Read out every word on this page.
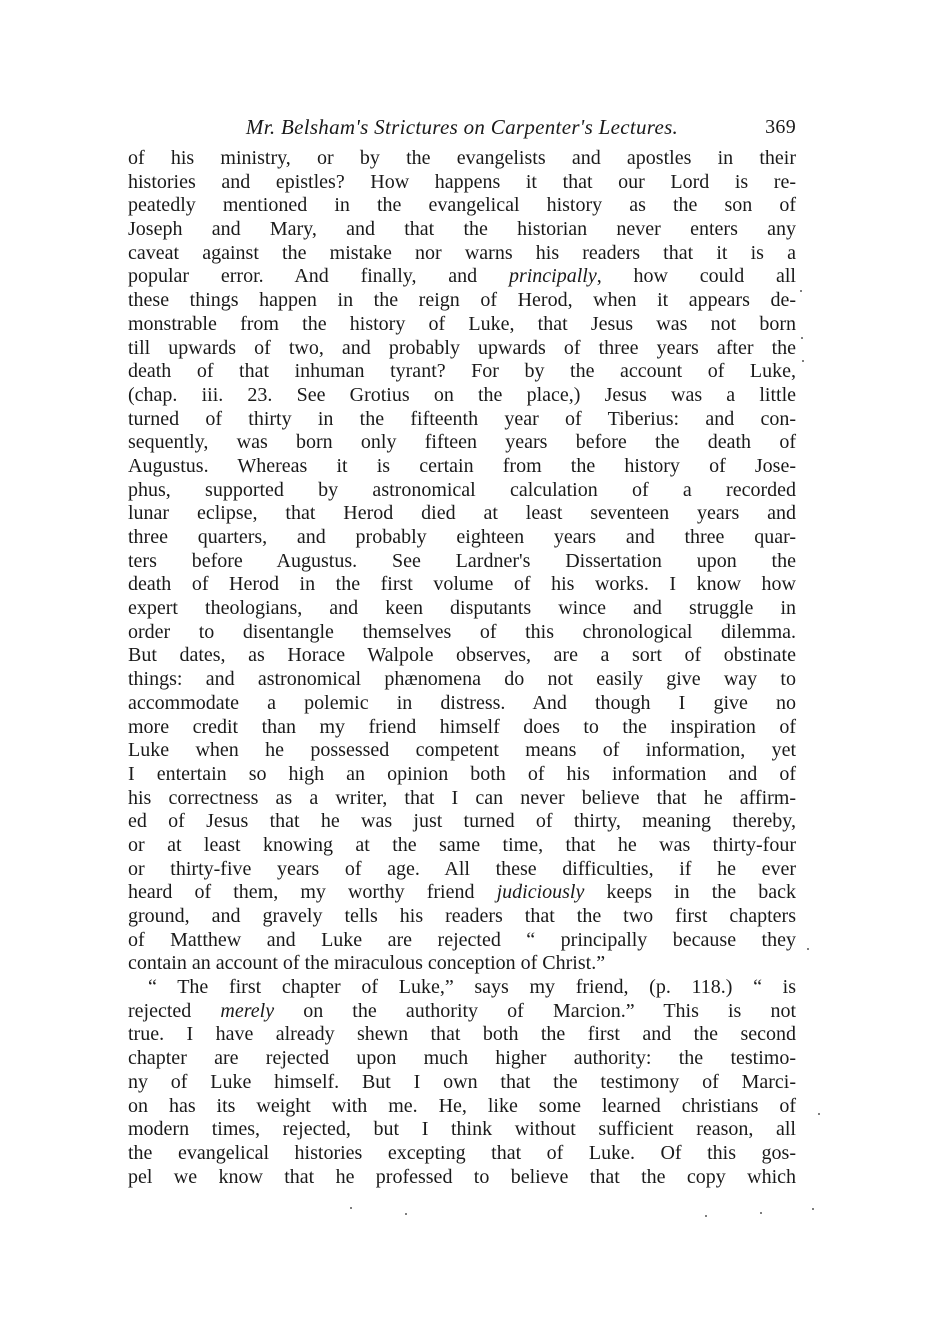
Mr. Belsham's Strictures on Carpenter's Lectures.	369
of his ministry, or by the evangelists and apostles in their
histories and epistles? How happens it that our Lord is re-
peatedly mentioned in the evangelical history as the son of
Joseph and Mary, and that the historian never enters any
caveat against the mistake nor warns his readers that it is a
popular error. And finally, and principally, how could all
these things happen in the reign of Herod, when it appears de-
monstrable from the history of Luke, that Jesus was not born
till upwards of two, and probably upwards of three years after the
death of that inhuman tyrant? For by the account of Luke,
(chap. iii. 23. See Grotius on the place,) Jesus was a little
turned of thirty in the fifteenth year of Tiberius: and con-
sequently, was born only fifteen years before the death of
Augustus. Whereas it is certain from the history of Jose-
phus, supported by astronomical calculation of a recorded
lunar eclipse, that Herod died at least seventeen years and
three quarters, and probably eighteen years and three quar-
ters before Augustus. See Lardner's Dissertation upon the
death of Herod in the first volume of his works. I know how
expert theologians, and keen disputants wince and struggle in
order to disentangle themselves of this chronological dilemma.
But dates, as Horace Walpole observes, are a sort of obstinate
things: and astronomical phænomena do not easily give way to
accommodate a polemic in distress. And though I give no
more credit than my friend himself does to the inspiration of
Luke when he possessed competent means of information, yet
I entertain so high an opinion both of his information and of
his correctness as a writer, that I can never believe that he affirm-
ed of Jesus that he was just turned of thirty, meaning thereby,
or at least knowing at the same time, that he was thirty-four
or thirty-five years of age. All these difficulties, if he ever
heard of them, my worthy friend judiciously keeps in the back
ground, and gravely tells his readers that the two first chapters
of Matthew and Luke are rejected “ principally because they
contain an account of the miraculous conception of Christ.”
“ The first chapter of Luke,” says my friend, (p. 118.) “ is
rejected merely on the authority of Marcion.” This is not
true. I have already shewn that both the first and the second
chapter are rejected upon much higher authority: the testimo-
ny of Luke himself. But I own that the testimony of Marci-
on has its weight with me. He, like some learned christians of
modern times, rejected, but I think without sufficient reason, all
the evangelical histories excepting that of Luke. Of this gos-
pel we know that he professed to believe that the copy which
